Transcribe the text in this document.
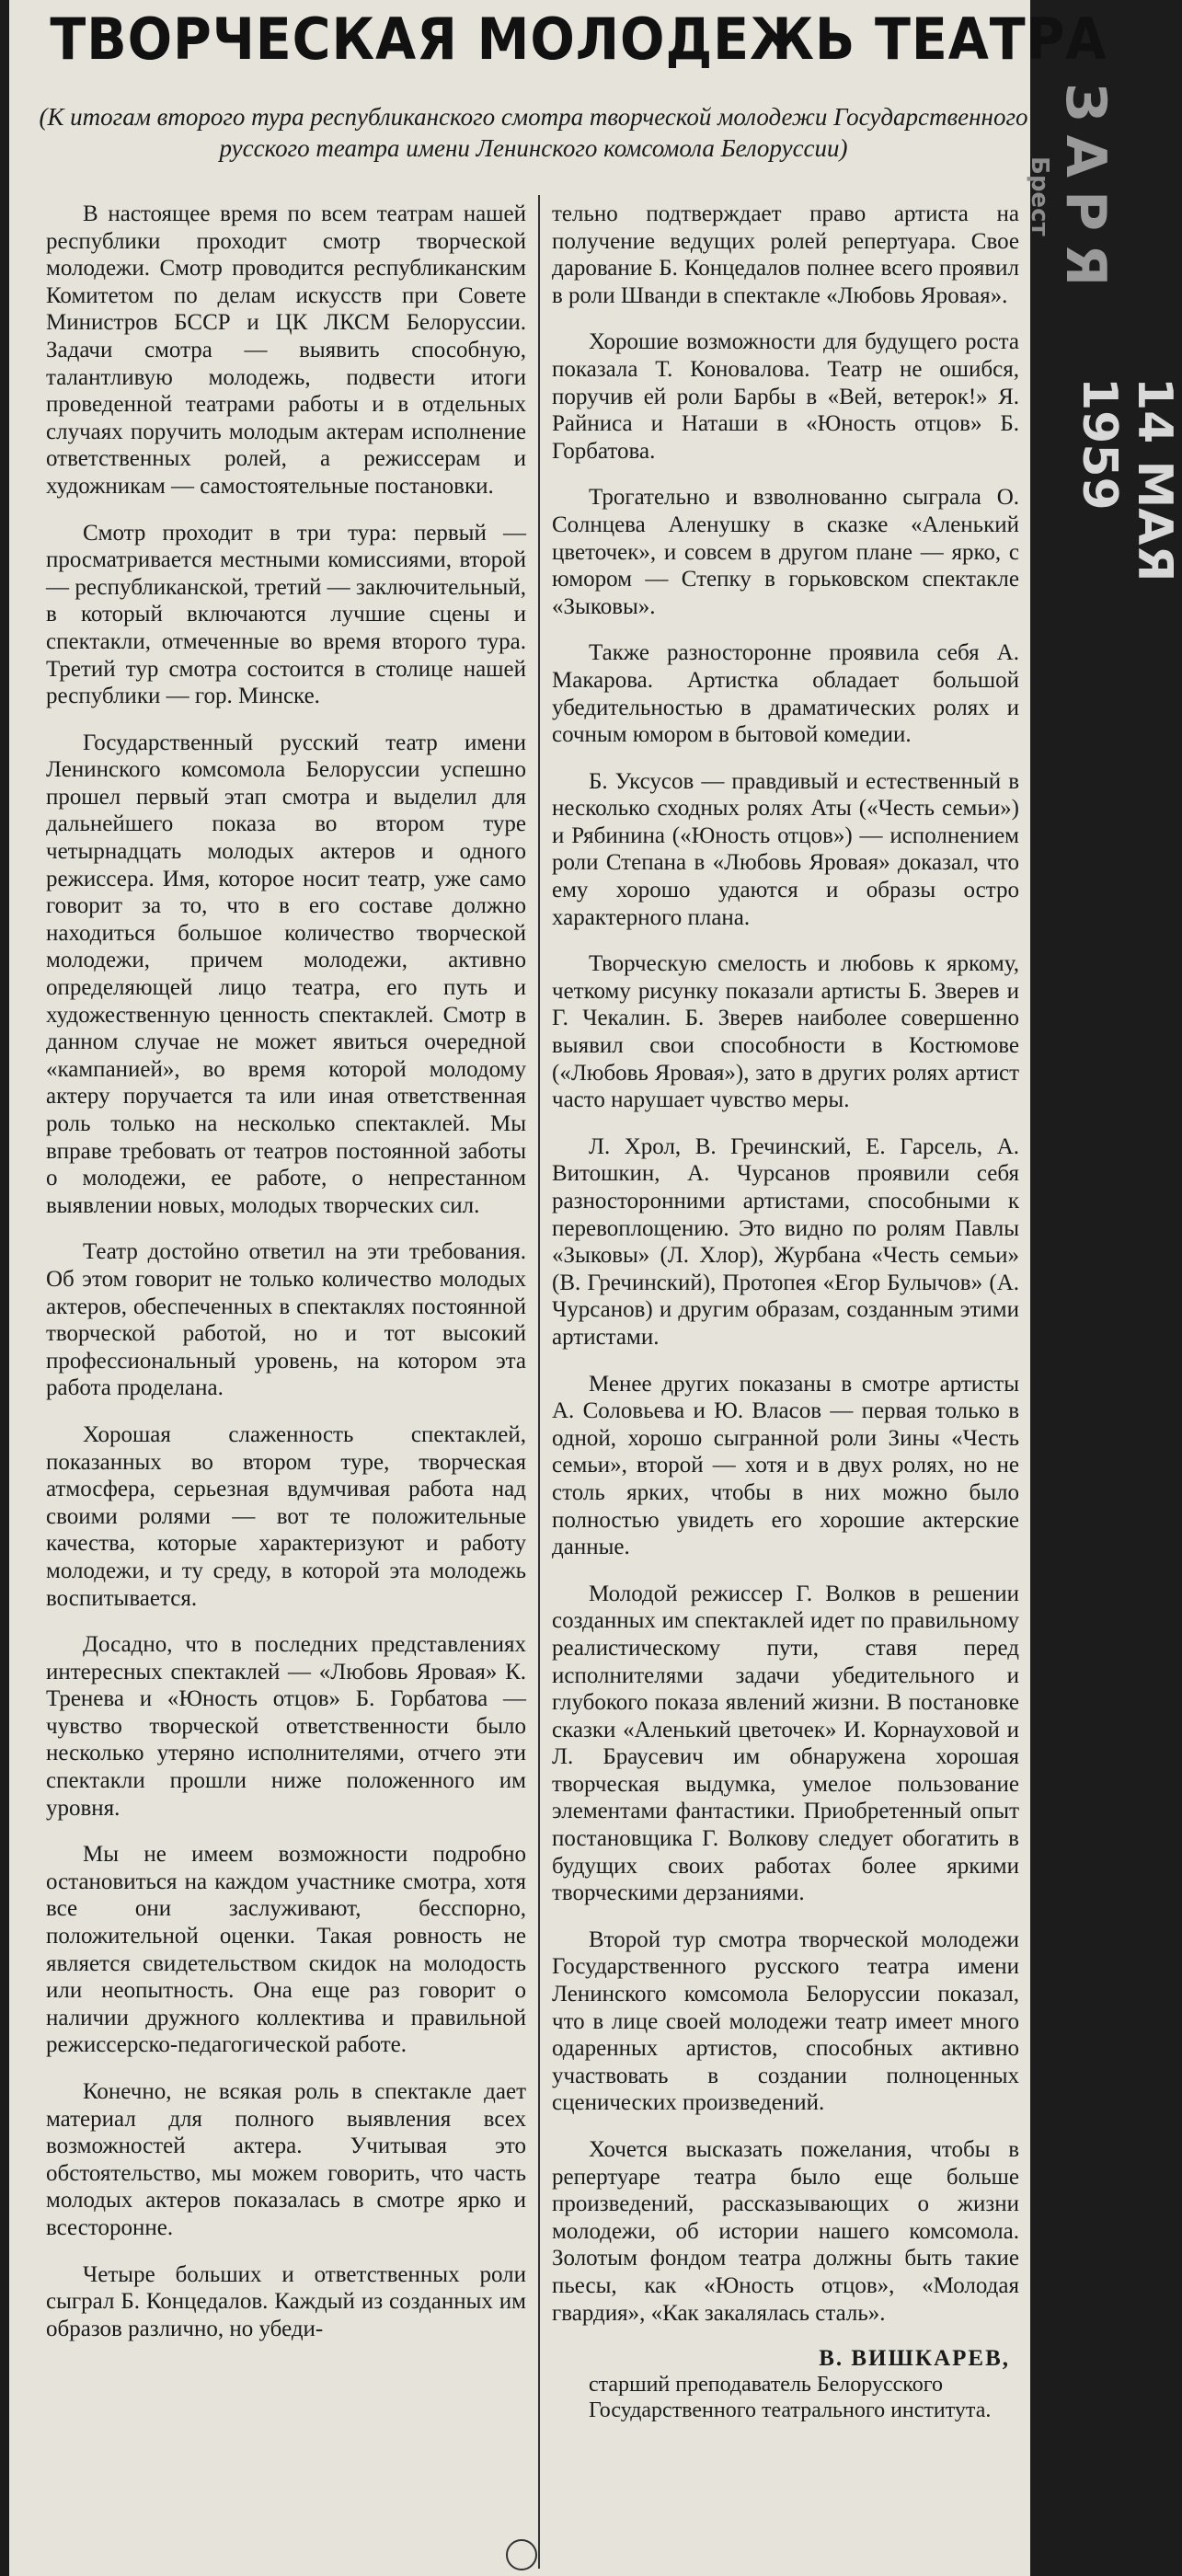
ТВОРЧЕСКАЯ МОЛОДЕЖЬ ТЕАТРА
(К итогам второго тура республиканского смотра творческой молодежи Государственного русского театра имени Ленинского комсомола Белоруссии)

В настоящее время по всем театрам нашей республики проходит смотр творческой молодежи. Смотр проводится республиканским Комитетом по делам искусств при Совете Министров БССР и ЦК ЛКСМ Белоруссии. Задачи смотра — выявить способную, талантливую молодежь, подвести итоги проведенной театрами работы и в отдельных случаях поручить молодым актерам исполнение ответственных ролей, а режиссерам и художникам — самостоятельные постановки.

Смотр проходит в три тура: первый — просматривается местными комиссиями, второй — республиканской, третий — заключительный, в который включаются лучшие сцены и спектакли, отмеченные во время второго тура. Третий тур смотра состоится в столице нашей республики — гор. Минске.

Государственный русский театр имени Ленинского комсомола Белоруссии успешно прошел первый этап смотра и выделил для дальнейшего показа во втором туре четырнадцать молодых актеров и одного режиссера. Имя, которое носит театр, уже само говорит за то, что в его составе должно находиться большое количество творческой молодежи, причем молодежи, активно определяющей лицо театра, его путь и художественную ценность спектаклей. Смотр в данном случае не может явиться очередной «кампанией», во время которой молодому актеру поручается та или иная ответственная роль только на несколько спектаклей. Мы вправе требовать от театров постоянной заботы о молодежи, ее работе, о непрестанном выявлении новых, молодых творческих сил.

Театр достойно ответил на эти требования. Об этом говорит не только количество молодых актеров, обеспеченных в спектаклях постоянной творческой работой, но и тот высокий профессиональный уровень, на котором эта работа проделана.

Хорошая слаженность спектаклей, показанных во втором туре, творческая атмосфера, серьезная вдумчивая работа над своими ролями — вот те положительные качества, которые характеризуют и работу молодежи, и ту среду, в которой эта молодежь воспитывается.

Досадно, что в последних представлениях интересных спектаклей — «Любовь Яровая» К. Тренева и «Юность отцов» Б. Горбатова — чувство творческой ответственности было несколько утеряно исполнителями, отчего эти спектакли прошли ниже положенного им уровня.

Мы не имеем возможности подробно остановиться на каждом участнике смотра, хотя все они заслуживают, бесспорно, положительной оценки. Такая ровность не является свидетельством скидок на молодость или неопытность. Она еще раз говорит о наличии дружного коллектива и правильной режиссерско-педагогической работе.

Конечно, не всякая роль в спектакле дает материал для полного выявления всех возможностей актера. Учитывая это обстоятельство, мы можем говорить, что часть молодых актеров показалась в смотре ярко и всесторонне.

Четыре больших и ответственных роли сыграл Б. Концедалов. Каждый из созданных им образов различно, но убеди-

тельно подтверждает право артиста на получение ведущих ролей репертуара. Свое дарование Б. Концедалов полнее всего проявил в роли Шванди в спектакле «Любовь Яровая».

Хорошие возможности для будущего роста показала Т. Коновалова. Театр не ошибся, поручив ей роли Барбы в «Вей, ветерок!» Я. Райниса и Наташи в «Юность отцов» Б. Горбатова.

Трогательно и взволнованно сыграла О. Солнцева Аленушку в сказке «Аленький цветочек», и совсем в другом плане — ярко, с юмором — Степку в горьковском спектакле «Зыковы».

Также разносторонне проявила себя А. Макарова. Артистка обладает большой убедительностью в драматических ролях и сочным юмором в бытовой комедии.

Б. Уксусов — правдивый и естественный в несколько сходных ролях Аты («Честь семьи») и Рябинина («Юность отцов») — исполнением роли Степана в «Любовь Яровая» доказал, что ему хорошо удаются и образы остро характерного плана.

Творческую смелость и любовь к яркому, четкому рисунку показали артисты Б. Зверев и Г. Чекалин. Б. Зверев наиболее совершенно выявил свои способности в Костюмове («Любовь Яровая»), зато в других ролях артист часто нарушает чувство меры.

Л. Хрол, В. Гречинский, Е. Гарсель, А. Витошкин, А. Чурсанов проявили себя разносторонними артистами, способными к перевоплощению. Это видно по ролям Павлы «Зыковы» (Л. Хлор), Журбана «Честь семьи» (В. Гречинский), Протопея «Егор Булычов» (А. Чурсанов) и другим образам, созданным этими артистами.

Менее других показаны в смотре артисты А. Соловьева и Ю. Власов — первая только в одной, хорошо сыгранной роли Зины «Честь семьи», второй — хотя и в двух ролях, но не столь ярких, чтобы в них можно было полностью увидеть его хорошие актерские данные.

Молодой режиссер Г. Волков в решении созданных им спектаклей идет по правильному реалистическому пути, ставя перед исполнителями задачи убедительного и глубокого показа явлений жизни. В постановке сказки «Аленький цветочек» И. Корнауховой и Л. Браусевич им обнаружена хорошая творческая выдумка, умелое пользование элементами фантастики. Приобретенный опыт постановщика Г. Волкову следует обогатить в будущих своих работах более яркими творческими дерзаниями.

Второй тур смотра творческой молодежи Государственного русского театра имени Ленинского комсомола Белоруссии показал, что в лице своей молодежи театр имеет много одаренных артистов, способных активно участвовать в создании полноценных сценических произведений.

Хочется высказать пожелания, чтобы в репертуаре театра было еще больше произведений, рассказывающих о жизни молодежи, об истории нашего комсомола. Золотым фондом театра должны быть такие пьесы, как «Юность отцов», «Молодая гвардия», «Как закалялась сталь».

В. ВИШКАРЕВ,
старший преподаватель Белорусского Государственного театрального института.
ЗАРЯ
Брест
14 МАЯ 1959
